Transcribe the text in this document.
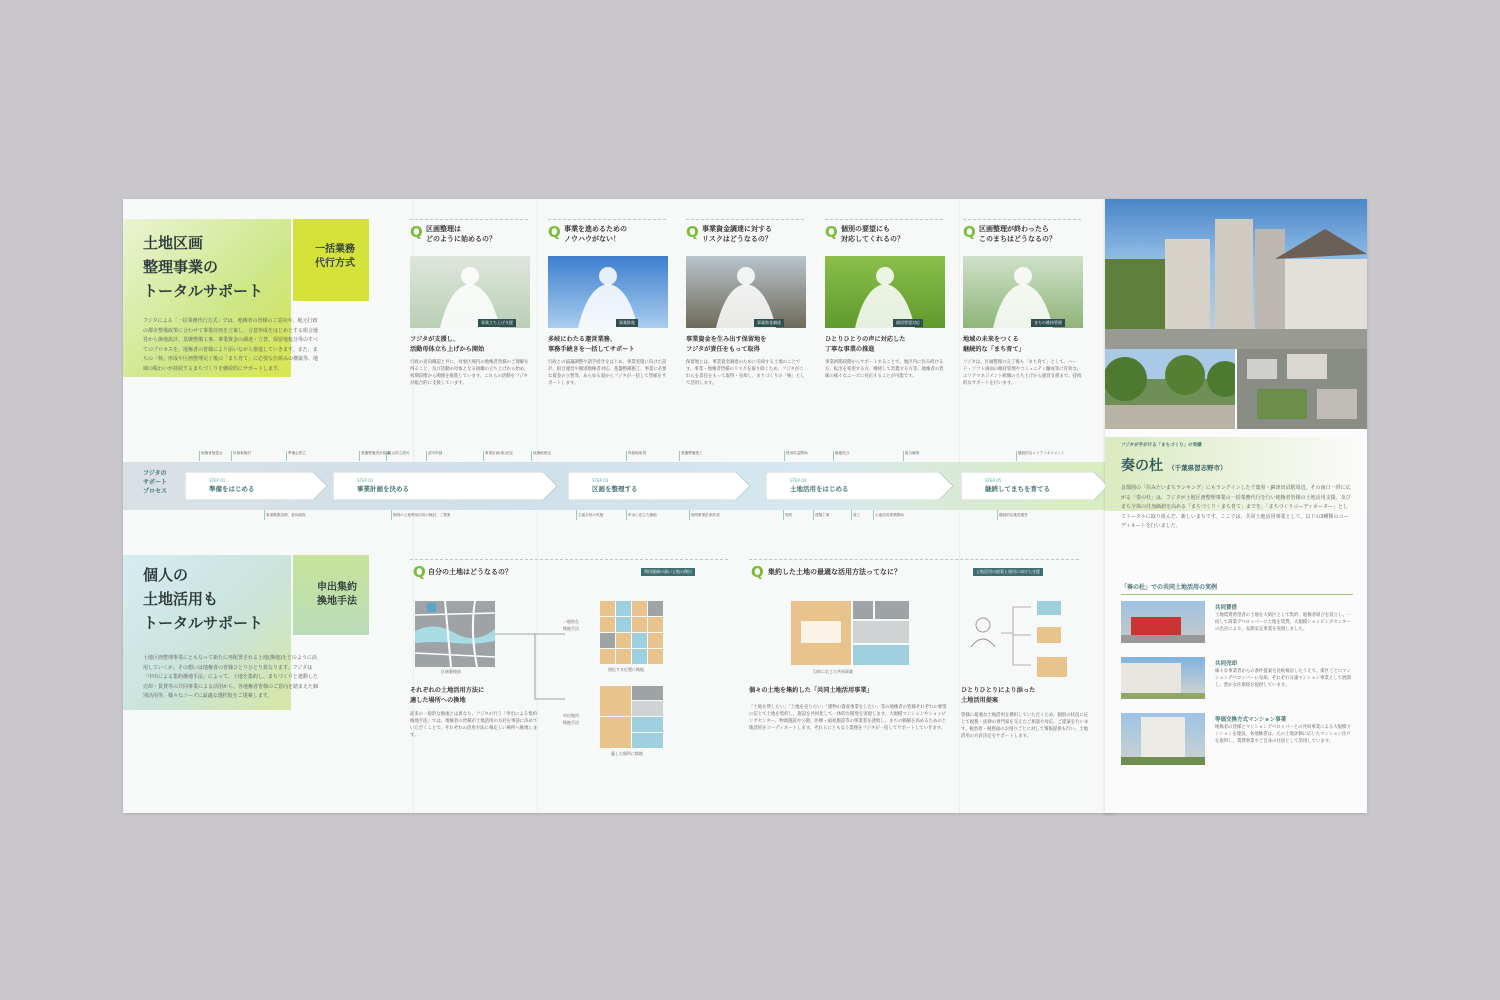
土地区画
整理事業の
トータルサポート
一括業務
代行方式
フジタによる「一括業務代行方式」では、地権者の皆様のご意向や、地元行政の都市整備政策に合わせて事業計画を立案し、合意形成をはじめとする組合運営から換地設計、基盤整備工事、事業資金の調達・立替、保留地処分等のすべてのプロセスを、地権者の皆様により添いながら推進していきます。また、まちの「核」形成や区画整理完了後の「まち育て」に必要な仕組みの構築等、地域の賑わいが持続するまちづくりを継続的にサポートします。
Q 区画整理は
どのように始めるの？
事業立ち上げ支援
フジタが支援し、
活動母体立ち上げから開始
行政の意向確認と共に、対象区域内の地権者皆様のご理解を得ること、及び活動の母体となる組織の立ち上げから始め、初期段階から関係を推進しています。これらの活動をフジタが総合的に支援しています。
Q 事業を進めるための
ノウハウがない！
事業推進
多岐にわたる運営業務、
事務手続きを一括してサポート
行政との協議調整や諸手続きをはじめ、事業実施に向けた設計、組合運営や個別地権者対応、基盤整備施工、事業に必要な資金の立替等、あらゆる面からフジタが一括して皆様をサポートします。
Q 事業資金調達に対する
リスクはどうなるの？
事業資金調達
事業資金を生み出す保留地を
フジタが責任をもって取得
保留地とは、事業資金調達のために売却する土地のことです。事業・地権者皆様のリスクを取り除くため、フジタがこれらを責任をもって取得・売却し、まちづくりの「核」として活用します。
Q 個別の要望にも
対応してくれるの？
個別要望対応
ひとりひとりの声に対応した
丁寧な事業の推進
事業初期段階からサポートすることで、地区内に住み続ける方、転出を希望する方、継続して営農する方等、地権者の皆様の様々なニーズに対応することが可能です。
Q 区画整理が終わったら
このまちはどうなるの？
まちの維持管理
地域の未来をつくる
継続的な「まち育て」
フジタは、区画整理の完了後も「まち育て」として、ハード・ソフト両面の維持管理やコミュニティ醸成等に有効な、エリアマネジメント組織の立ち上げから運営支援まで、持続的なサポートを行います。
フジタの
サポート
プロセス
STEP 01
準備をはじめる
STEP 02
事業計画を決める
STEP 03
区画を整理する
STEP 04
土地活用をはじめる
STEP 05
継続してまちを育てる
地権者勉強会	計画案検討	準備会設立	基盤整備設計協議
組合設立認可	認可申請	事業計画(案)決定	仮換地指定	保留地取得	基盤整備施工	使用収益開始	換地処分	組合解散	継続的なエリアマネジメント
事業概要説明、意向調査	個別の土地利用活用の検討、ご提案	立地分析の実施	申出に応じた換地	個別事業計画作成	契約	建築工事	竣工	土地活用事業開始	継続的な施設運営
個人の
土地活用も
トータルサポート
申出集約
換地手法
土地区画整理事業にともなって新たに再配置される土地(換地)をどのように活用していくか。その想いは地権者の皆様ひとりひとり異なります。フジタは「申出による集約換地手法」によって、土地を集約し、まちづくりと連動した売却・賃貸等の共同事業による活用から、各地権者皆様のご意向を踏まえた個別活用等、様々なニーズに最適な選択肢をご提案します。
Q 自分の土地はどうなるの？	利用価値の高い土地の創出
区画整理前
一般的な
換地手法
申出集約
換地手法
照応する位置に換地
適した場所に換地
それぞれの土地活用方法に
適した場所への換地
従来の一般的な換地とは異なり、フジタの行う「申出による集約換地手法」では、地権者の皆様が土地活用の方針を事前に決めていただくことで、それぞれの活用方法に相応しい場所へ換地します。
Q 集約した土地の最適な活用方法ってなに？	土地活用の提案と運用に向けた支援
目的に応じた共同事業
個々の土地を集約した「共同土地活用事業」
「土地を貸したい」「土地を売りたい」「建物の資産事業をしたい」等の地権者の皆様それぞれの要望に応じて土地を集約し、施設を共同化して一体的な開発を実現します。大規模マンションやショッピングセンター、物流施設や公園、医療・福祉施設等の事業者を誘致し、まちの価値を高めるための土地活用をコーディネートします。それらにともなう業務をフジタが一括してサポートしていきます。
ひとりひとりにより添った
土地活用提案
皆様に最適な土地活用を選択していただくため、個別の状況に応じて税務・法律の専門家を交えたご相談や対応、ご提案を行います。税負担・税務面のお困りごとに対して情報提供も行い、土地活用の方針決定をサポートします。
フジタが手がける「まちづくり」の実績
奏の杜 （千葉県習志野市）
首都圏の「住みたいまちランキング」にもランクインした千葉県・JR津田沼駅周辺。その南口一帯に広がる「奏の杜」は、フジタが土地区画整理事業の一括業務代行を行い地権者皆様の土地活用支援、及びまち全体の付加価値を高める「まちづくり・まち育て」までを、「まちづくりコーディネーター」としてトータルに取り組んだ、新しいまちです。ここでは、共同土地活用事業として、以下の3種類のコーディネートを行いました。
「奏の杜」での共同土地活用の実例
共同賃借
土地賃貸希望者の土地を大街区として集約、地権者組合を設立し、一括して商業デベロッパーに土地を賃貸。大規模ショッピングセンターの出店により、長期安定事業を実現しました。
共同売却
様々な事業者からの条件提案を比較検討したうえで、街区ごとにマンションデベロッパーに売却。それぞれ分譲マンション事業として展開し、豊かな住環境を提供しています。
等価交換方式マンション事業
地権者の皆様とマンションデベロッパーとの共同事業による大規模マンションを建設。各地権者は、元の土地評価に応じたマンション住戸を取得し、賃貸事業やご自身の住居として活用しています。
